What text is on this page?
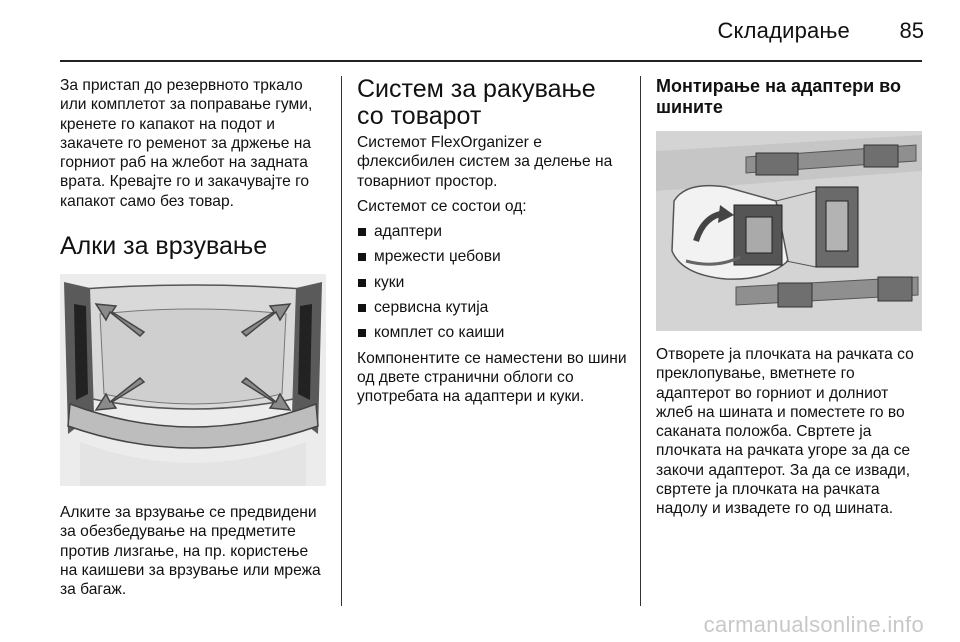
Складирање 85

За пристап до резервното тркало или комплетот за поправање гуми, кренете го капакот на подот и закачете го ременот за држење на горниот раб на жлебот на задната врата. Кревајте го и закачувајте го капакот само без товар.

Алки за врзување

Алките за врзување се предвидени за обезбедување на предметите против лизгање, на пр. користење на каишеви за врзување или мрежа за багаж.

Систем за ракување со товарот

Системот FlexOrganizer е флексибилен систем за делење на товарниот простор.

Системот се состои од:

адаптери
мрежести џебови
куки
сервисна кутија
комплет со каиши

Компонентите се наместени во шини од двете странични облоги со употребата на адаптери и куки.

Монтирање на адаптери во шините

Отворете ја плочката на рачката со преклопување, вметнете го адаптерот во горниот и долниот жлеб на шината и поместете го во саканата положба. Свртете ја плочката на рачката угоре за да се закочи адаптерот. За да се извади, свртете ја плочката на рачката надолу и извадете го од шината.

carmanualsonline.info
